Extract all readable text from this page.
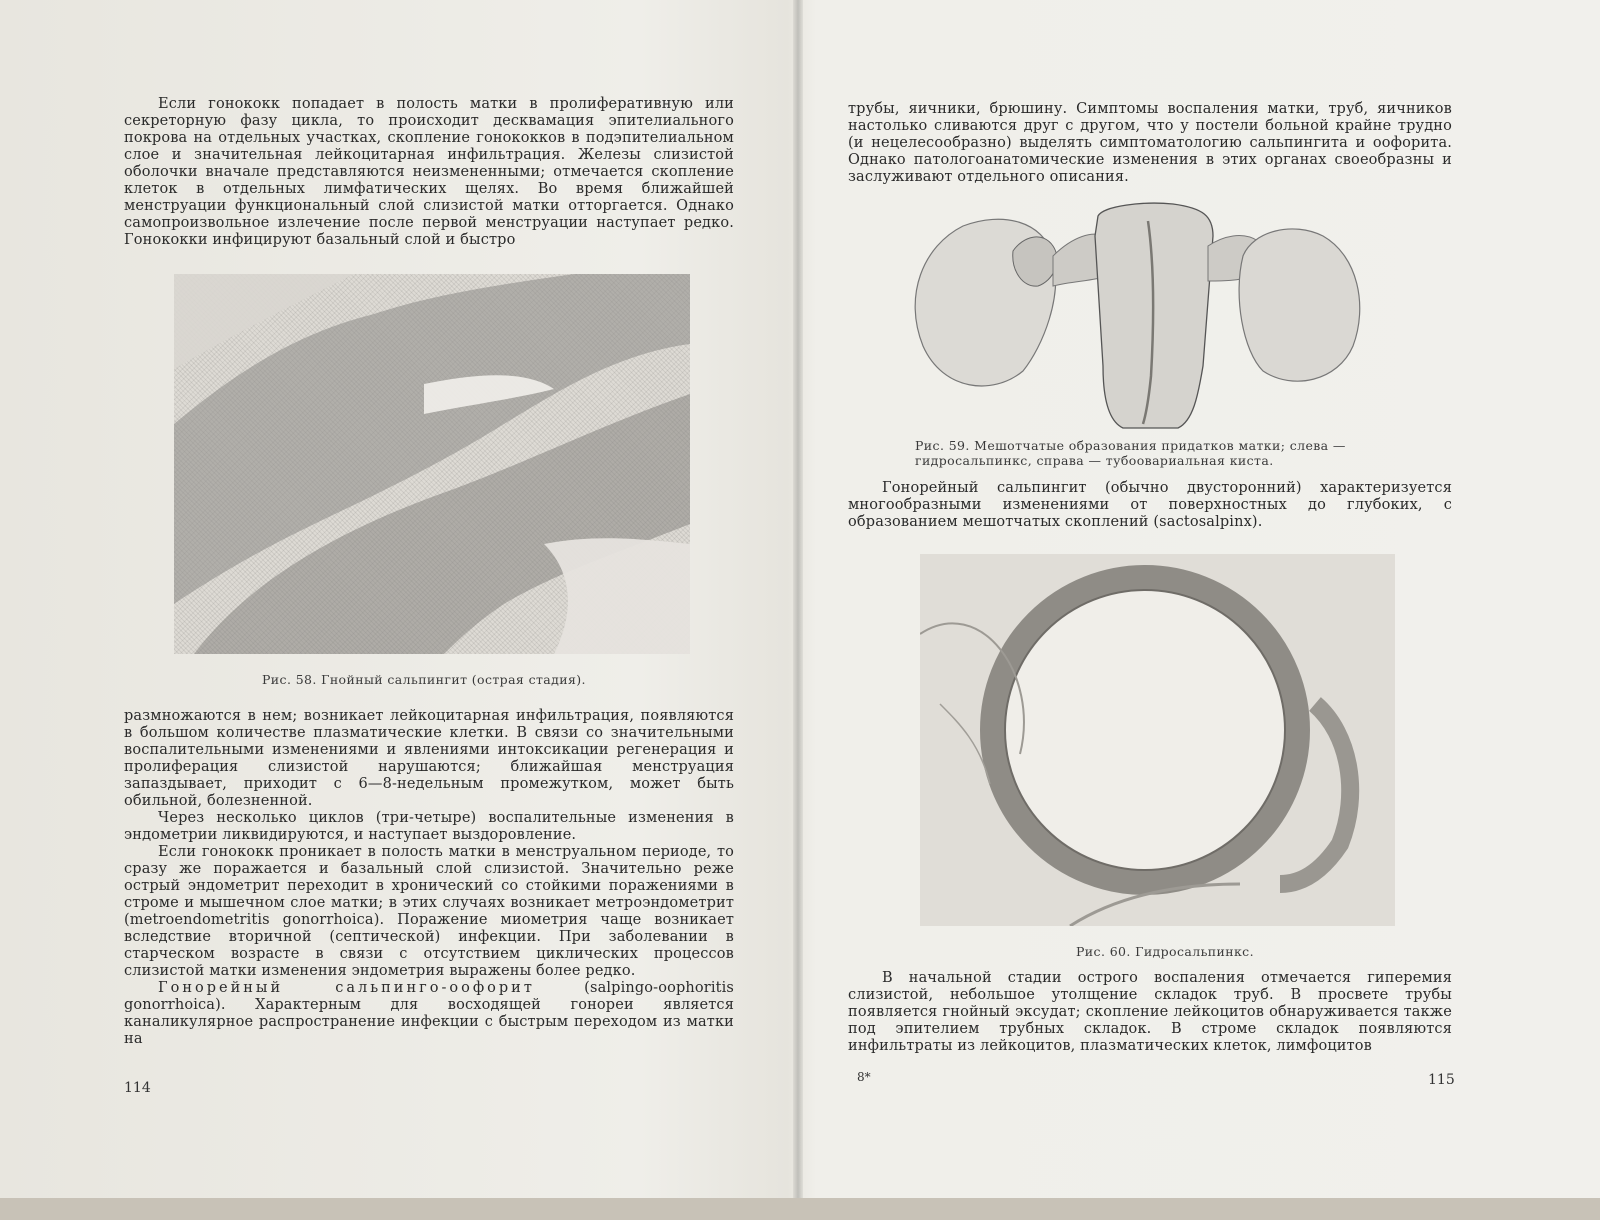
Если гонококк попадает в полость матки в пролиферативную или секреторную фазу цикла, то происходит десквамация эпителиального покрова на отдельных участках, скопление гонококков в подэпителиальном слое и значительная лейкоцитарная инфильтрация. Железы слизистой оболочки вначале представляются неизмененными; отмечается скопление клеток в отдельных лимфатических щелях. Во время ближайшей менструации функциональный слой слизистой матки отторгается. Однако самопроизвольное излечение после первой менструации наступает редко. Гонококки инфицируют базальный слой и быстро

Рис. 58. Гнойный сальпингит (острая стадия).

размножаются в нем; возникает лейкоцитарная инфильтрация, появляются в большом количестве плазматические клетки. В связи со значительными воспалительными изменениями и явлениями интоксикации регенерация и пролиферация слизистой нарушаются; ближайшая менструация запаздывает, приходит с 6—8-недельным промежутком, может быть обильной, болезненной.

Через несколько циклов (три-четыре) воспалительные изменения в эндометрии ликвидируются, и наступает выздоровление.

Если гонококк проникает в полость матки в менструальном периоде, то сразу же поражается и базальный слой слизистой. Значительно реже острый эндометрит переходит в хронический со стойкими поражениями в строме и мышечном слое матки; в этих случаях возникает метроэндометрит (metroendometritis gonorrhoica). Поражение миометрия чаще возникает вследствие вторичной (септической) инфекции. При заболевании в старческом возрасте в связи с отсутствием циклических процессов слизистой матки изменения эндометрия выражены более редко.

Гонорейный сальпинго-оофорит (salpingo-oophoritis gonorrhoica). Характерным для восходящей гонореи является каналикулярное распространение инфекции с быстрым переходом из матки на

114

трубы, яичники, брюшину. Симптомы воспаления матки, труб, яичников настолько сливаются друг с другом, что у постели больной крайне трудно (и нецелесообразно) выделять симптоматологию сальпингита и оофорита. Однако патологоанатомические изменения в этих органах своеобразны и заслуживают отдельного описания.

Рис. 59. Мешотчатые образования придатков матки; слева — гидросальпинкс, справа — тубоовариальная киста.

Гонорейный сальпингит (обычно двусторонний) характеризуется многообразными изменениями от поверхностных до глубоких, с образованием мешотчатых скоплений (sactosalpinx).

Рис. 60. Гидросальпинкс.

В начальной стадии острого воспаления отмечается гиперемия слизистой, небольшое утолщение складок труб. В просвете трубы появляется гнойный эксудат; скопление лейкоцитов обнаруживается также под эпителием трубных складок. В строме складок появляются инфильтраты из лейкоцитов, плазматических клеток, лимфоцитов

8*	115
